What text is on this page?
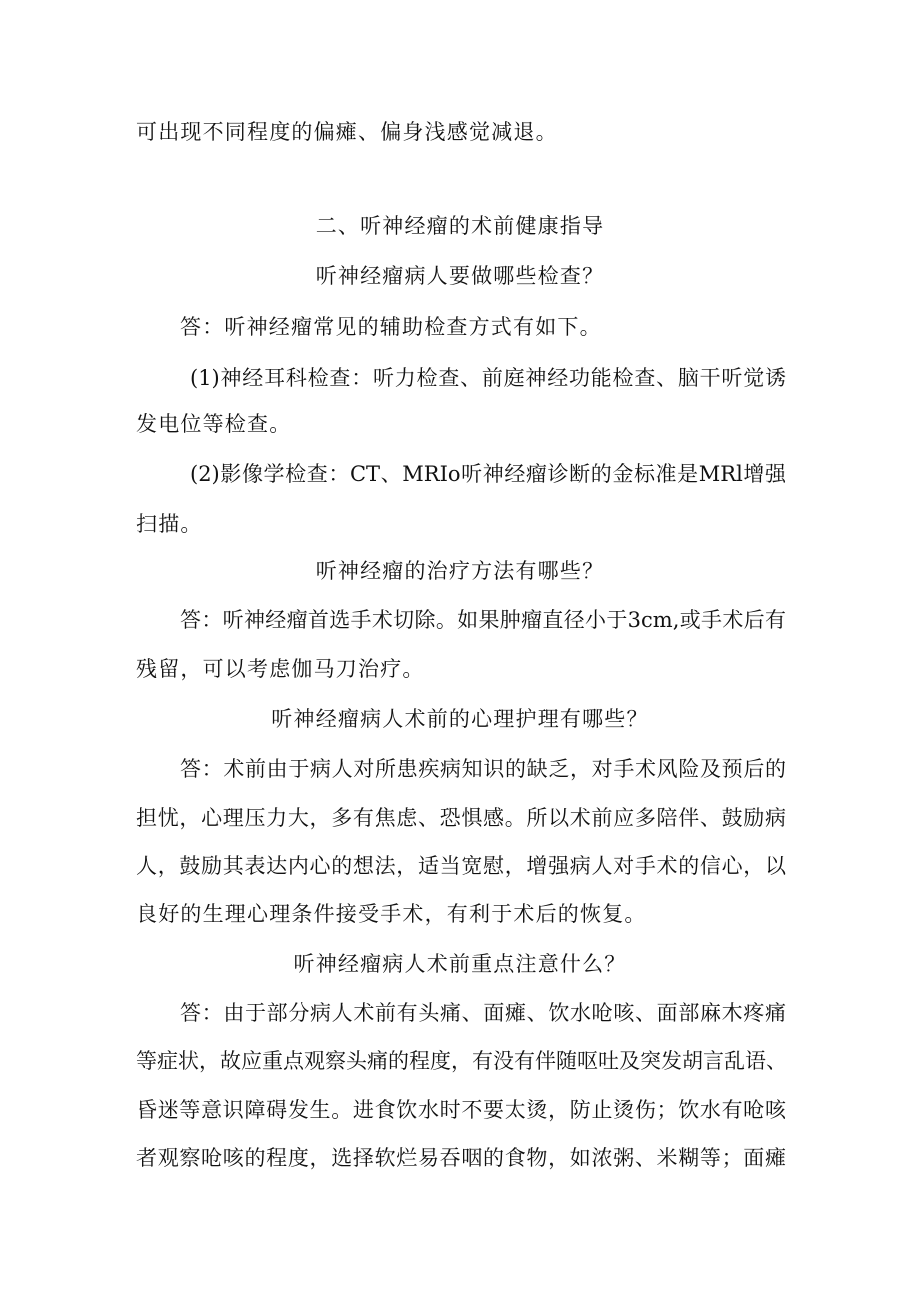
可出现不同程度的偏瘫、偏身浅感觉减退。
二、听神经瘤的术前健康指导
听神经瘤病人要做哪些检查？
答：听神经瘤常见的辅助检查方式有如下。
(1)神经耳科检查：听力检查、前庭神经功能检查、脑干听觉诱
发电位等检查。
(2)影像学检查：CT、MRIo听神经瘤诊断的金标准是MRl增强
扫描。
听神经瘤的治疗方法有哪些？
答：听神经瘤首选手术切除。如果肿瘤直径小于3cm,或手术后有
残留，可以考虑伽马刀治疗。
听神经瘤病人术前的心理护理有哪些？
答：术前由于病人对所患疾病知识的缺乏，对手术风险及预后的
担忧，心理压力大，多有焦虑、恐惧感。所以术前应多陪伴、鼓励病
人，鼓励其表达内心的想法，适当宽慰，增强病人对手术的信心，以
良好的生理心理条件接受手术，有利于术后的恢复。
听神经瘤病人术前重点注意什么？
答：由于部分病人术前有头痛、面瘫、饮水呛咳、面部麻木疼痛
等症状，故应重点观察头痛的程度，有没有伴随呕吐及突发胡言乱语、
昏迷等意识障碍发生。进食饮水时不要太烫，防止烫伤；饮水有呛咳
者观察呛咳的程度，选择软烂易吞咽的食物，如浓粥、米糊等；面瘫
